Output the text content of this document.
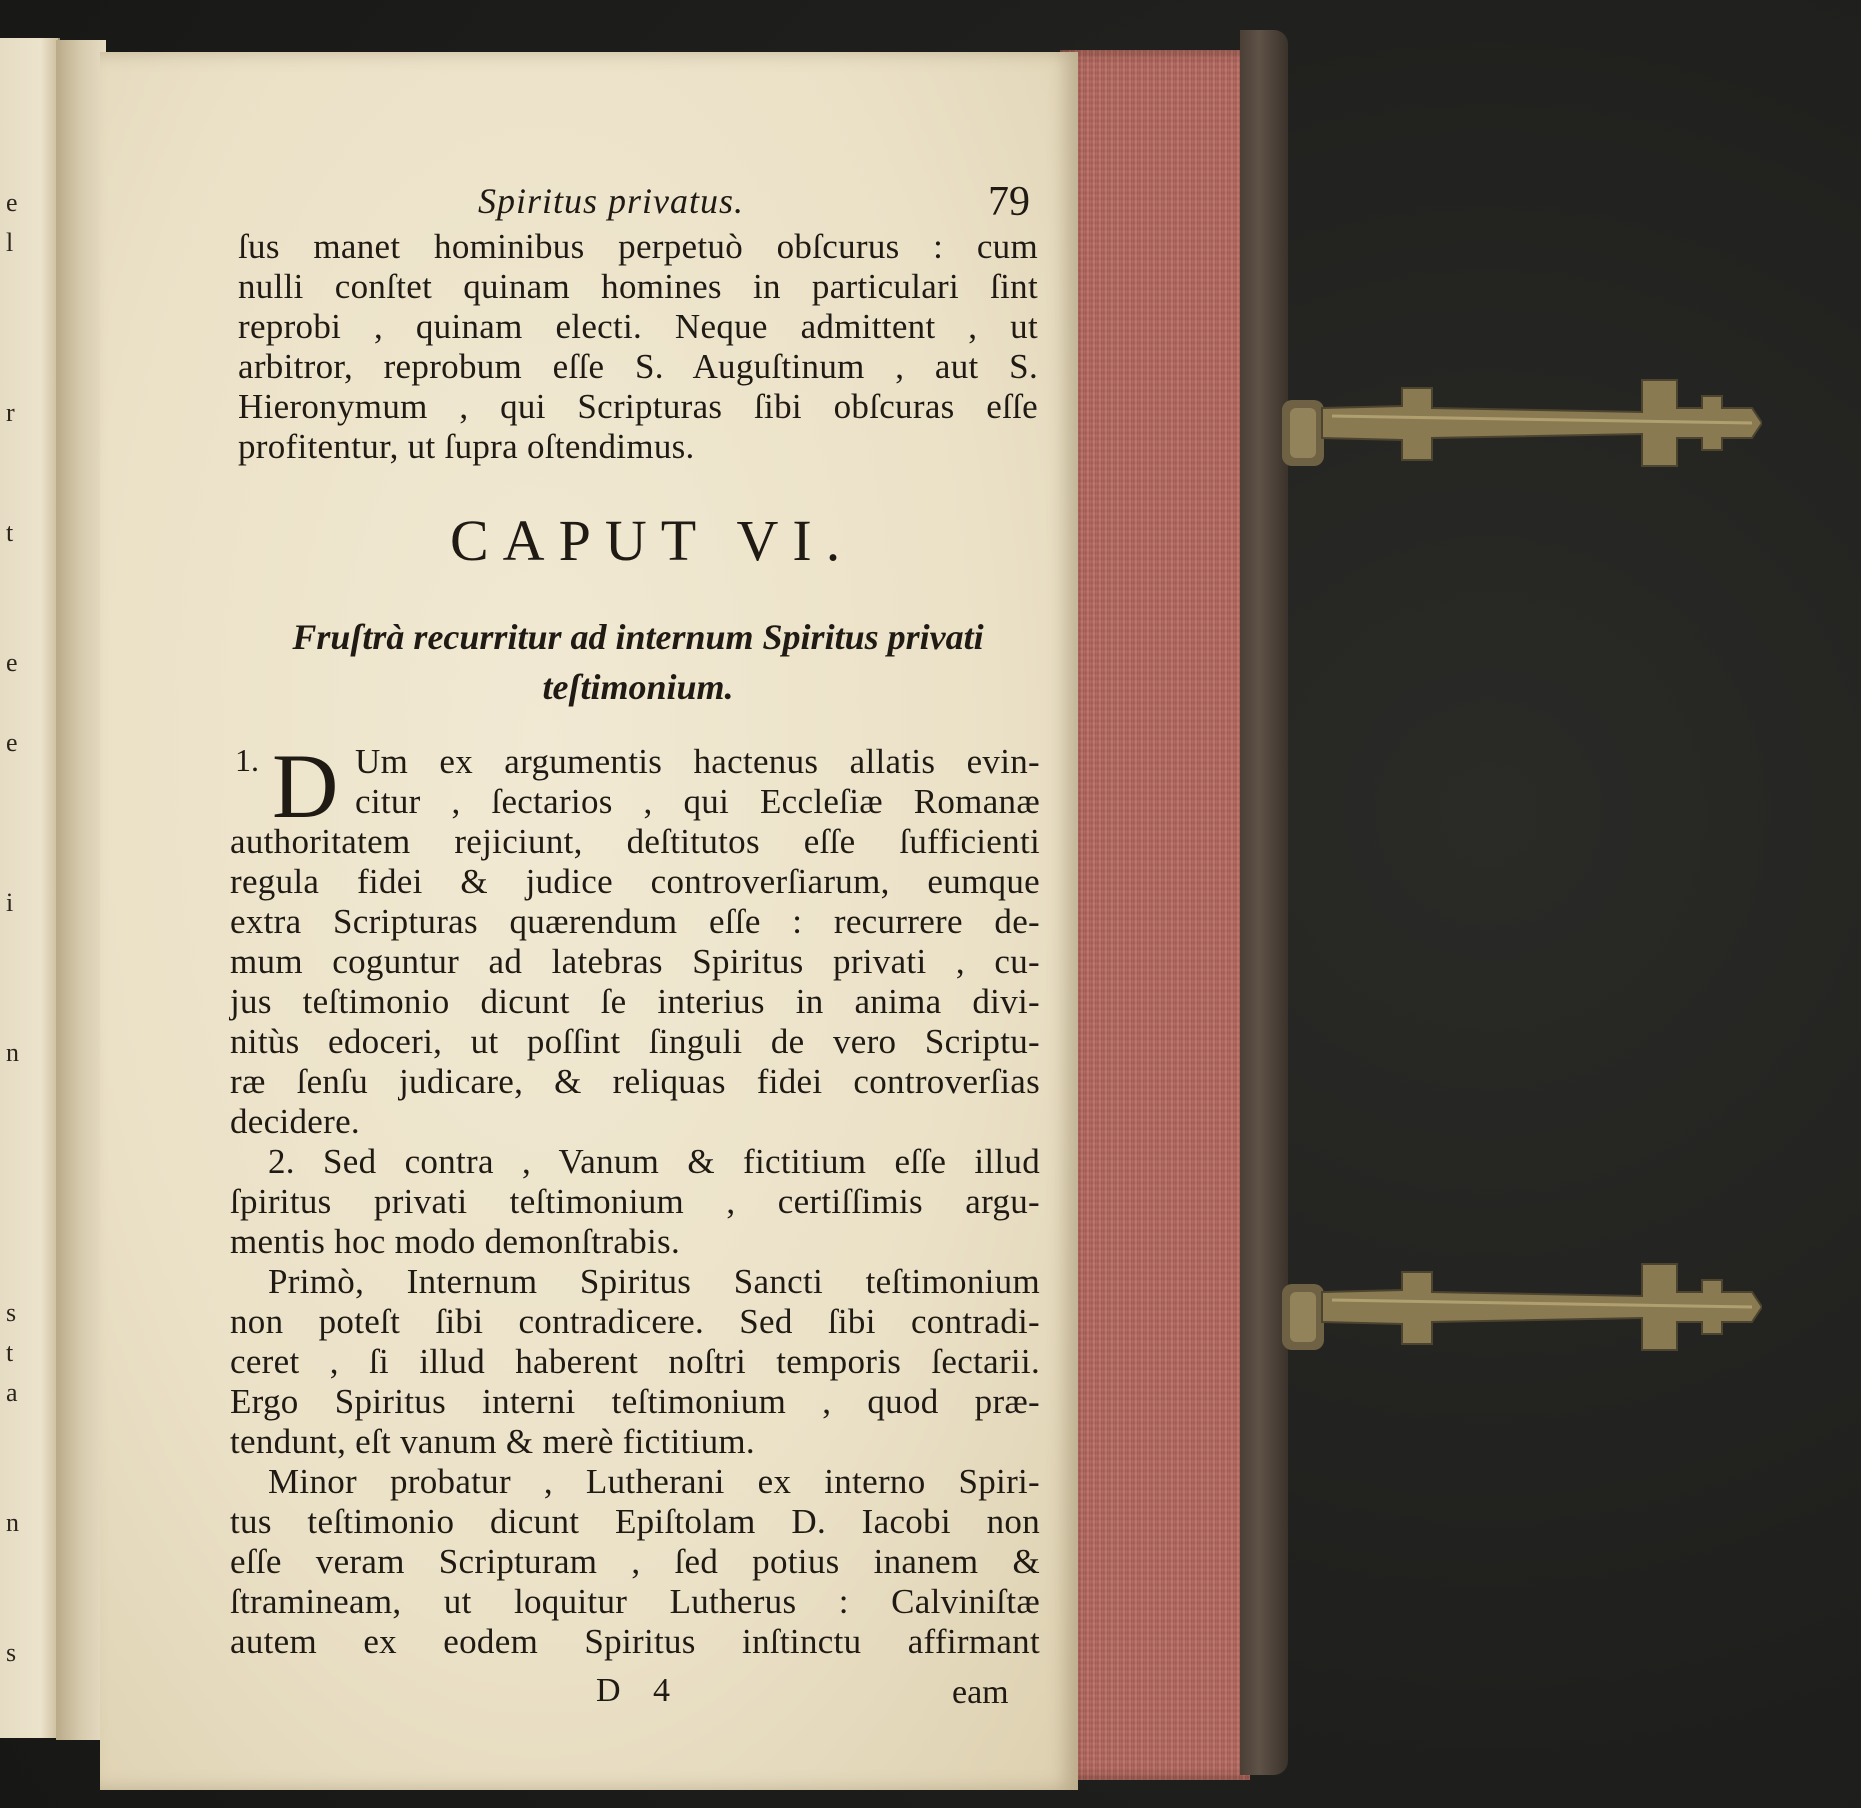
e
l
r
t
e
e
i
n
s
t
a
n
s
Spiritus privatus.	79
ſus manet hominibus perpetuò obſcurus : cum
nulli conſtet quinam homines in particulari ſint
reprobi , quinam electi. Neque admittent , ut
arbitror, reprobum eſſe S. Auguſtinum , aut S.
Hieronymum , qui Scripturas ſibi obſcuras eſſe
profitentur, ut ſupra oſtendimus.
CAPUT VI.
Fruſtrà recurritur ad internum Spiritus privati
teſtimonium.
1. D Um ex argumentis hactenus allatis evin-
citur , ſectarios , qui Eccleſiæ Romanæ
authoritatem rejiciunt, deſtitutos eſſe ſufficienti
regula fidei & judice controverſiarum, eumque
extra Scripturas quærendum eſſe : recurrere de-
mum coguntur ad latebras Spiritus privati , cu-
jus teſtimonio dicunt ſe interius in anima divi-
nitùs edoceri, ut poſſint ſinguli de vero Scriptu-
ræ ſenſu judicare, & reliquas fidei controverſias
decidere.
2. Sed contra , Vanum & fictitium eſſe illud
ſpiritus privati teſtimonium , certiſſimis argu-
mentis hoc modo demonſtrabis.
Primò, Internum Spiritus Sancti teſtimonium
non poteſt ſibi contradicere. Sed ſibi contradi-
ceret , ſi illud haberent noſtri temporis ſectarii.
Ergo Spiritus interni teſtimonium , quod præ-
tendunt, eſt vanum & merè fictitium.
Minor probatur , Lutherani ex interno Spiri-
tus teſtimonio dicunt Epiſtolam D. Iacobi non
eſſe veram Scripturam , ſed potius inanem &
ſtramineam, ut loquitur Lutherus : Calviniſtæ
autem ex eodem Spiritus inſtinctu affirmant
D 4	eam
